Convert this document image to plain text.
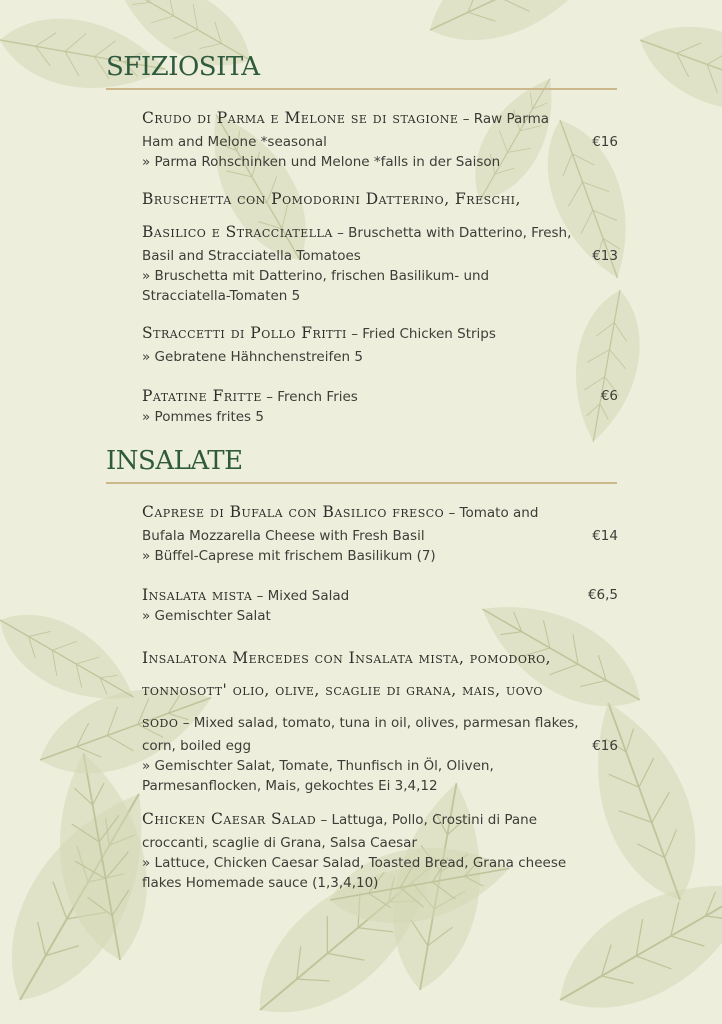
SFIZIOSITA

Crudo di Parma e Melone se di stagione – Raw Parma

Ham and Melone *seasonal	€16

» Parma Rohschinken und Melone *falls in der Saison

Bruschetta con Pomodorini Datterino, Freschi,

Basilico e Stracciatella – Bruschetta with Datterino, Fresh,

Basil and Stracciatella Tomatoes	€13

» Bruschetta mit Datterino, frischen Basilikum- und

Stracciatella-Tomaten 5

Straccetti di Pollo Fritti – Fried Chicken Strips

» Gebratene Hähnchenstreifen 5

Patatine Fritte – French Fries	€6

» Pommes frites 5

INSALATE

Caprese di Bufala con Basilico fresco – Tomato and

Bufala Mozzarella Cheese with Fresh Basil	€14

» Büffel-Caprese mit frischem Basilikum (7)

Insalata mista – Mixed Salad	€6,5

» Gemischter Salat

Insalatona Mercedes con Insalata mista, pomodoro,

tonnosott' olio, olive, scaglie di grana, mais, uovo

sodo – Mixed salad, tomato, tuna in oil, olives, parmesan flakes,

corn, boiled egg	€16

» Gemischter Salat, Tomate, Thunfisch in Öl, Oliven,

Parmesanflocken, Mais, gekochtes Ei 3,4,12

Chicken Caesar Salad – Lattuga, Pollo, Crostini di Pane

croccanti, scaglie di Grana, Salsa Caesar

» Lattuce, Chicken Caesar Salad, Toasted Bread, Grana cheese

flakes Homemade sauce (1,3,4,10)
